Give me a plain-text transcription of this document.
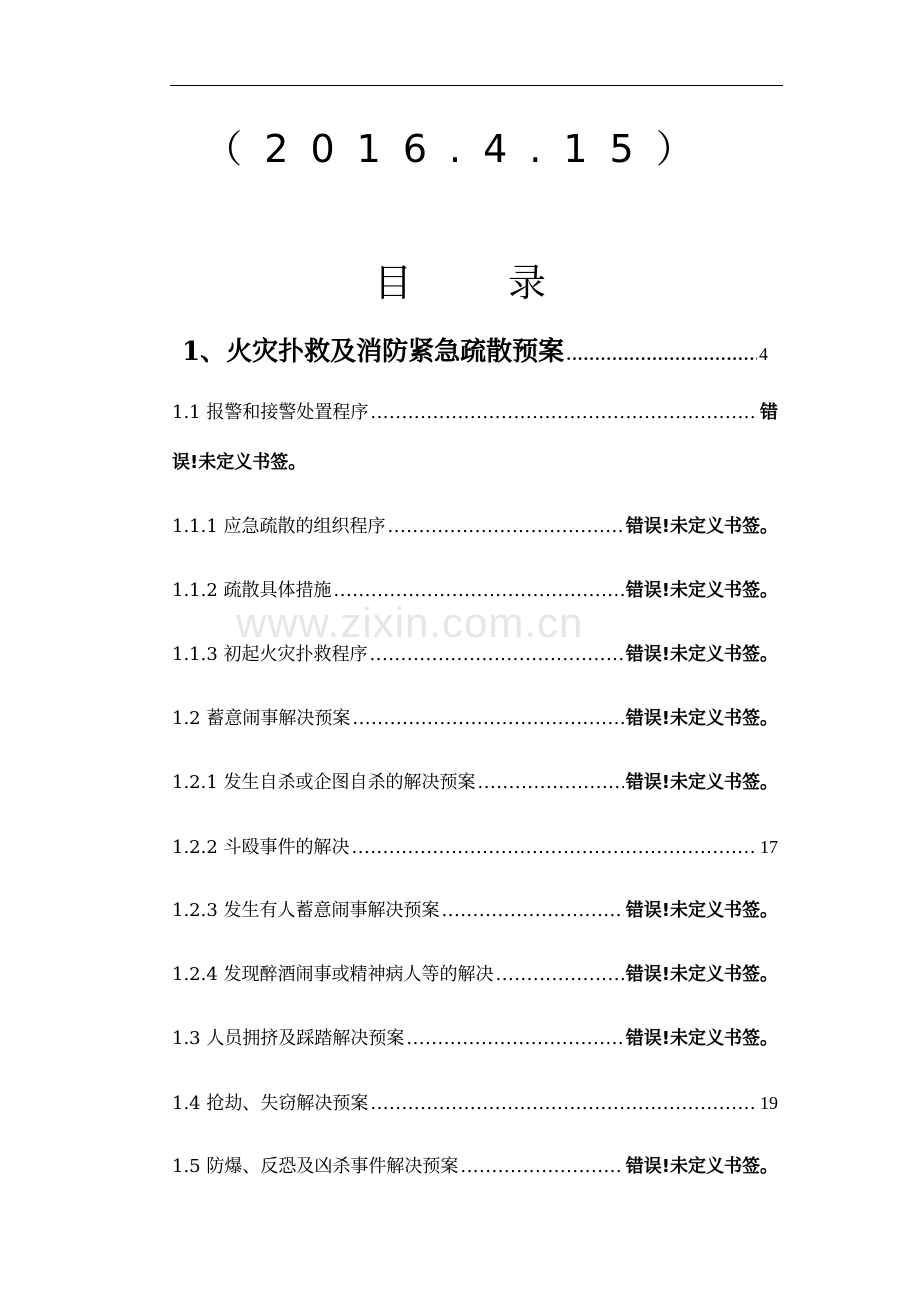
（2016.4.15）
目	录
www.zixin.com.cn
1、火灾扑救及消防紧急疏散预案 .....	4
1.1 报警和接警处置程序 .....	错
误!未定义书签。
1.1.1 应急疏散的组织程序 .....	错误!未定义书签。
1.1.2 疏散具体措施 .....	错误!未定义书签。
1.1.3 初起火灾扑救程序 .....	错误!未定义书签。
1.2 蓄意闹事解决预案 .....	错误!未定义书签。
1.2.1 发生自杀或企图自杀的解决预案 .....	错误!未定义书签。
1.2.2 斗殴事件的解决 .....	17
1.2.3 发生有人蓄意闹事解决预案 .....	错误!未定义书签。
1.2.4 发现醉酒闹事或精神病人等的解决 .....	错误!未定义书签。
1.3 人员拥挤及踩踏解决预案 .....	错误!未定义书签。
1.4 抢劫、失窃解决预案 .....	19
1.5 防爆、反恐及凶杀事件解决预案 .....	错误!未定义书签。
